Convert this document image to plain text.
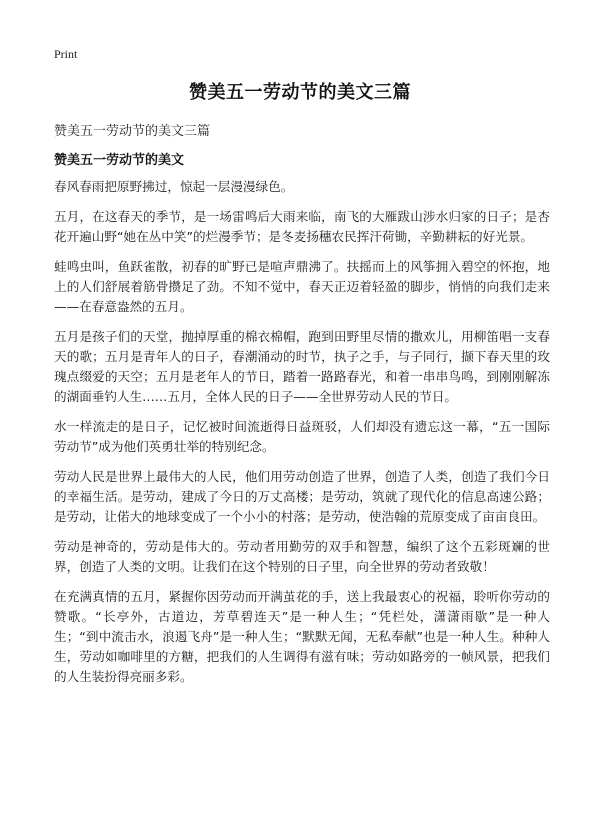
Print
赞美五一劳动节的美文三篇
赞美五一劳动节的美文三篇
赞美五一劳动节的美文

春风春雨把原野拂过，惊起一层漫漫绿色。

五月，在这春天的季节，是一场雷鸣后大雨来临，南飞的大雁跋山涉水归家的日子；是杏花开遍山野“她在丛中笑”的烂漫季节；是冬麦扬穗农民挥汗荷锄，辛勤耕耘的好光景。

蛙鸣虫叫，鱼跃雀散，初春的旷野已是喧声鼎沸了。扶摇而上的风筝拥入碧空的怀抱，地上的人们舒展着筋骨攒足了劲。不知不觉中，春天正迈着轻盈的脚步，悄悄的向我们走来——在春意盎然的五月。

五月是孩子们的天堂，抛掉厚重的棉衣棉帽，跑到田野里尽情的撒欢儿，用柳笛唱一支春天的歌；五月是青年人的日子，春潮涌动的时节，执子之手，与子同行，撷下春天里的玫瑰点缀爱的天空；五月是老年人的节日，踏着一路路春光，和着一串串鸟鸣，到刚刚解冻的湖面垂钓人生……五月，全体人民的日子——全世界劳动人民的节日。

水一样流走的是日子，记忆被时间流逝得日益斑驳，人们却没有遗忘这一幕，“五一国际劳动节”成为他们英勇壮举的特别纪念。

劳动人民是世界上最伟大的人民，他们用劳动创造了世界，创造了人类，创造了我们今日的幸福生活。是劳动，建成了今日的万丈高楼；是劳动，筑就了现代化的信息高速公路；是劳动，让偌大的地球变成了一个小小的村落；是劳动，使浩翰的荒原变成了亩亩良田。

劳动是神奇的，劳动是伟大的。劳动者用勤劳的双手和智慧，编织了这个五彩斑斓的世界，创造了人类的文明。让我们在这个特别的日子里，向全世界的劳动者致敬！

在充满真情的五月，紧握你因劳动而开满茧花的手，送上我最衷心的祝福，聆听你劳动的赞歌。“长亭外，古道边，芳草碧连天”是一种人生；“凭栏处，潇潇雨歇”是一种人生；“到中流击水，浪遏飞舟”是一种人生；“默默无闻，无私奉献”也是一种人生。种种人生，劳动如咖啡里的方糖，把我们的人生调得有滋有味；劳动如路旁的一帧风景，把我们的人生装扮得亮丽多彩。
